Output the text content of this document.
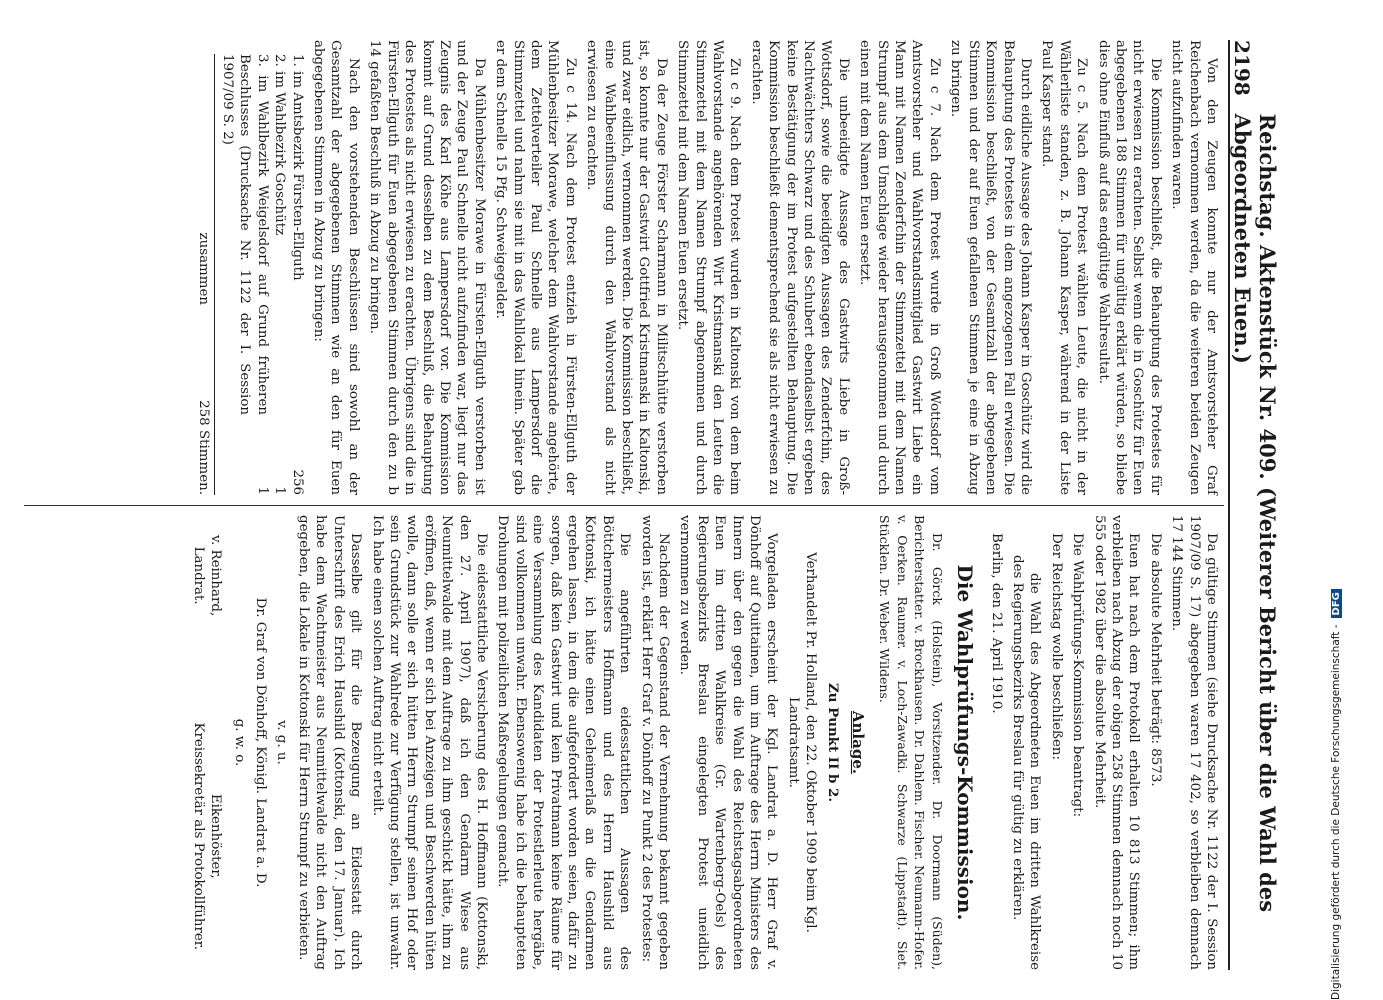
2198
Reichstag. Aktenstück Nr. 409. (Weiterer Bericht über die Wahl des Abgeordneten Euen.)

Von den Zeugen konnte nur der Amtsvorsteher Graf Reichenbach vernommen werden, da die weiteren beiden Zeugen nicht aufzufinden waren.

Die Kommission beschließt, die Behauptung des Protestes für nicht erwiesen zu erachten. Selbst wenn die in Goschütz für Euen abgegebenen 188 Stimmen für ungültig erklärt würden, so bliebe dies ohne Einfluß auf das endgültige Wahlresultat.

Zu c 5. Nach dem Protest wählten Leute, die nicht in der Wählerliste standen, z. B. Johann Kasper, während in der Liste Paul Kasper stand.

Durch eidliche Aussage des Johann Kasper in Goschütz wird die Behauptung des Protestes in dem angezogenen Fall erwiesen. Die Kommission beschließt, von der Gesamtzahl der abgegebenen Stimmen und der auf Euen gefallenen Stimmen je eine in Abzug zu bringen.

Zu c 7. Nach dem Protest wurde in Groß Wottsdorf vom Amtsvorsteher und Wahlvorstandsmitglied Gastwirt Liebe ein Mann mit Namen Zenderfchin der Stimmzettel mit dem Namen Strumpf aus dem Umschlage wieder herausgenommen und durch einen mit dem Namen Euen ersetzt.

Die unbeeidigte Aussage des Gastwirts Liebe in Groß-Wottsdorf, sowie die beeidigten Aussagen des Zenderfchin, des Nachtwächters Schwarz und des Schubert ebendaselbst ergeben keine Bestätigung der im Protest aufgestellten Behauptung. Die Kommission beschließt dementsprechend sie als nicht erwiesen zu erachten.

Zu c 9. Nach dem Protest wurden in Kaltonski von dem beim Wahlvorstande angehörenden Wirt Kristmanski den Leuten die Stimmzettel mit dem Namen Strumpf abgenommen und durch Stimmzettel mit dem Namen Euen ersetzt.

Da der Zeuge Förster Scharmann in Militschhütte verstorben ist, so konnte nur der Gastwirt Gottfried Kristmanski in Kaltonski, und zwar eidlich, vernommen werden. Die Kommission beschließt, eine Wahlbeeinflussung durch den Wahlvorstand als nicht erwiesen zu erachten.

Zu c 14. Nach dem Protest entzieh in Fürsten-Ellguth der Mühlenbesitzer Morawe, welcher dem Wahlvorstande angehörte, dem Zettelverteiler Paul Schnelle aus Lampersdorf die Stimmzettel und nahm sie mit in das Wahllokal hinein. Später gab er dem Schnelle 15 Pfg. Schweigegelder.

Da Mühlenbesitzer Morawe in Fürsten-Ellguth verstorben ist und der Zeuge Paul Schnelle nicht aufzufinden war, liegt nur das Zeugnis des Karl Köhe aus Lampersdorf vor. Die Kommission kommt auf Grund desselben zu dem Beschluß, die Behauptung des Protestes als nicht erwiesen zu erachten. Übrigens sind die in Fürsten-Ellguth für Euen abgegebenen Stimmen durch den zu b 14 gefaßten Beschluß in Abzug zu bringen.

Nach den vorstehenden Beschlüssen sind sowohl an der Gesamtzahl der abgegebenen Stimmen wie an den für Euen abgegebenen Stimmen in Abzug zu bringen:

1. im Amtsbezirk Fürsten-Ellguth
256
2. im Wahlbezirk Goschütz
1
3. im Wahlbezirk Weigelsdorf auf Grund früheren Beschlusses (Drucksache Nr. 1122 der I. Session 1907/09 S. 2)
1
zusammen
258 Stimmen.

Da gültige Stimmen (siehe Drucksache Nr. 1122 der I. Session 1907/09 S. 17) abgegeben waren 17 402, so verbleiben demnach 17 144 Stimmen.

Die absolute Mehrheit beträgt: 8573.

Euen hat nach dem Protokoll erhalten 10 813 Stimmen; ihm verbleiben nach Abzug der obigen 258 Stimmen demnach noch 10 555 oder 1982 über die absolute Mehrheit.

Die Wahlprüfungs-Kommission beantragt:

Der Reichstag wolle beschließen:

die Wahl des Abgeordneten Euen im dritten Wahlkreise des Regierungsbezirks Breslau für gültig zu erklären.

Berlin, den 21. April 1910.

Die Wahlprüfungs-Kommission.

Dr. Görck (Holstein), Vorsitzender. Dr. Doormann (Süden), Berichterstatter. v. Brockhausen. Dr. Dahlem. Fischer. Neumann-Hofer. v. Oerken. Raumer. v. Loch-Zawadki. Schwarze (Lippstadt). Siet. Stücklen. Dr. Weber. Wildens.

Anlage.

Zu Punkt II b 2.

Verhandelt Pr. Holland, den 22. Oktober 1909 beim Kgl. Landratsamt.

Vorgeladen erscheint der Kgl. Landrat a. D. Herr Graf v. Dönhoff auf Quittainen, um im Auftrage des Herrn Ministers des Innern über den gegen die Wahl des Reichstagsabgeordneten Euen im dritten Wahlkreise (Gr. Wartenberg-Oels) des Regierungsbezirks Breslau eingelegten Protest uneidlich vernommen zu werden.

Nachdem der Gegenstand der Vernehmung bekannt gegeben worden ist, erklärt Herr Graf v. Dönhoff zu Punkt 2 des Protestes:

Die angeführten eidesstattlichen Aussagen des Böttchermeisters Hoffmann und des Herrn Haushild aus Kottonski, ich hätte einen Geheimerlaß an die Gendarmen ergehen lassen, in dem die aufgefordert worden seien, dafür zu sorgen, daß kein Gastwirt und kein Privatmann keine Räume für eine Versammlung des Kandidaten der Protestlerleute hergäbe, sind vollkommen unwahr. Ebensowenig habe ich die behaupteten Drohungen mit polizeilichen Maßregelungen gemacht.

Die eidesstattliche Versicherung des H. Hoffmann (Kottonski, den 27. April 1907), daß ich den Gendarm Wiese aus Neumittelwalde mit dem Auftrage zu ihm geschickt hätte, ihm zu eröffnen, daß, wenn er sich bei Anzeigen und Beschwerden hüten wolle, dann solle er sich hütten Herrn Strumpf seinen Hof oder sein Grundstück zur Wahlrede zur Verfügung stellen, ist unwahr. Ich habe einen solchen Auftrag nicht erteilt.

Dasselbe gilt für die Bezeugung an Eidesstatt durch Unterschrift des Erich Haushild (Kottonski, den 17. Januar). Ich habe dem Wachtmeister aus Neumittelwalde nicht den Auftrag gegeben, die Lokale in Kottonski für Herrn Strumpf zu verbieten.

v. g. u.

Dr. Graf von Dönhoff, Königl. Landrat a. D.

g. w. o.

v. Reinhard,
Landrat.
Eikenhöster,
Kreissekretär als Protokollführer.	Digitalisierung gefördert durch die Deutsche Forschungsgemeinschaft -DFG
